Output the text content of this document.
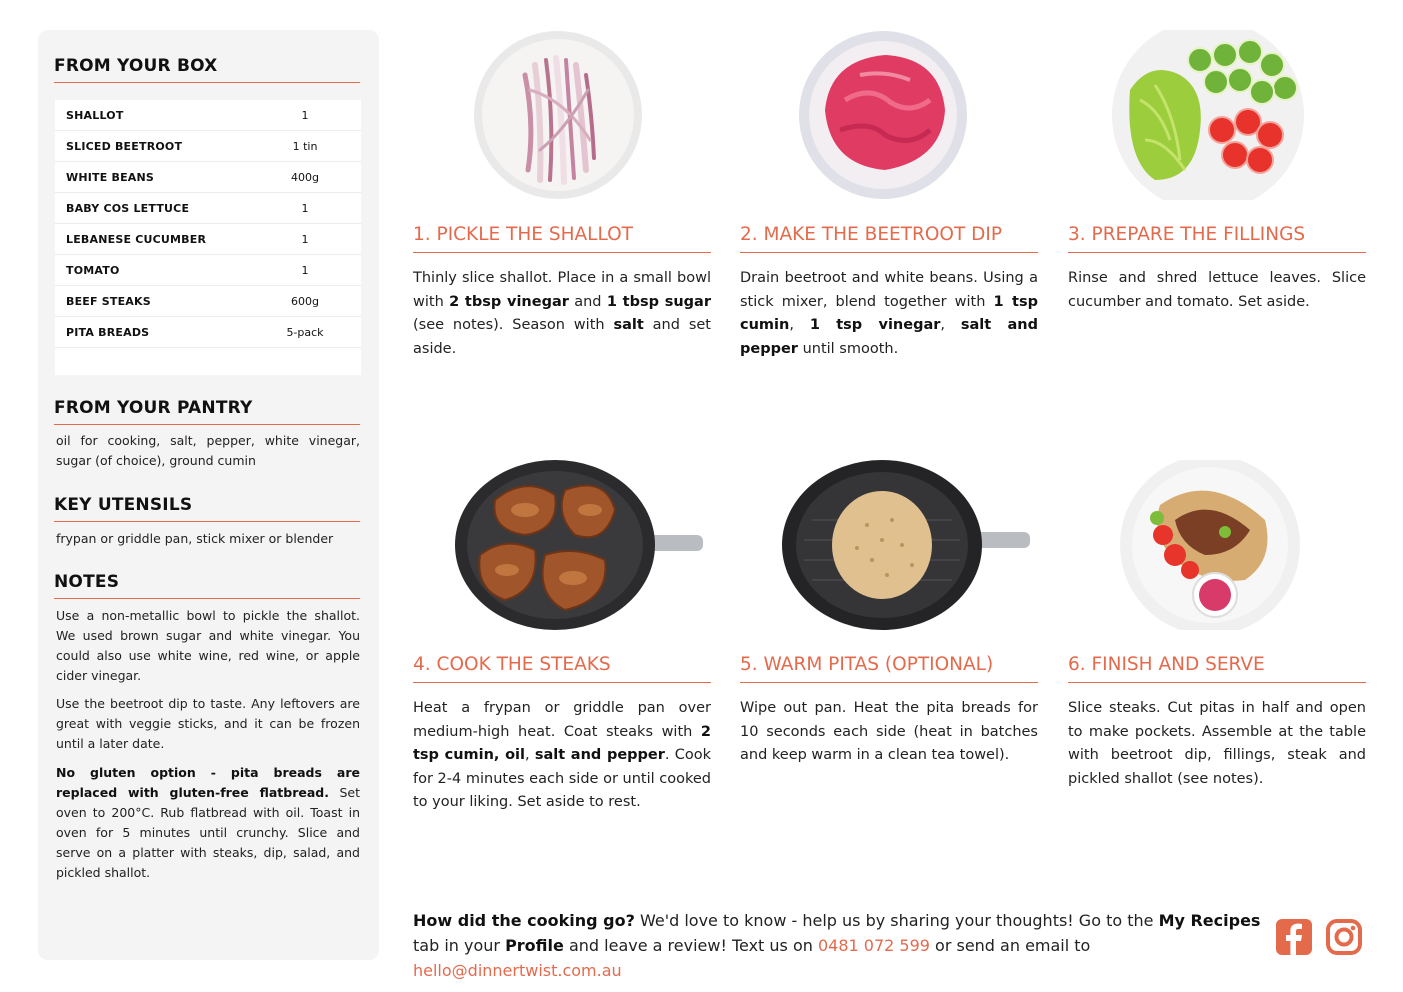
FROM YOUR BOX
SHALLOT	1
SLICED BEETROOT	1 tin
WHITE BEANS	400g
BABY COS LETTUCE	1
LEBANESE CUCUMBER	1
TOMATO	1
BEEF STEAKS	600g
PITA BREADS	5-pack
FROM YOUR PANTRY
oil for cooking, salt, pepper, white vinegar, sugar (of choice), ground cumin
KEY UTENSILS
frypan or griddle pan, stick mixer or blender
NOTES
Use a non-metallic bowl to pickle the shallot. We used brown sugar and white vinegar. You could also use white wine, red wine, or apple cider vinegar.
Use the beetroot dip to taste. Any leftovers are great with veggie sticks, and it can be frozen until a later date.
No gluten option - pita breads are replaced with gluten-free flatbread. Set oven to 200°C. Rub flatbread with oil. Toast in oven for 5 minutes until crunchy. Slice and serve on a platter with steaks, dip, salad, and pickled shallot.
1. PICKLE THE SHALLOT
Thinly slice shallot. Place in a small bowl with 2 tbsp vinegar and 1 tbsp sugar (see notes). Season with salt and set aside.
2. MAKE THE BEETROOT DIP
Drain beetroot and white beans. Using a stick mixer, blend together with 1 tsp cumin, 1 tsp vinegar, salt and pepper until smooth.
3. PREPARE THE FILLINGS
Rinse and shred lettuce leaves. Slice cucumber and tomato. Set aside.
4. COOK THE STEAKS
Heat a frypan or griddle pan over medium-high heat. Coat steaks with 2 tsp cumin, oil, salt and pepper. Cook for 2-4 minutes each side or until cooked to your liking. Set aside to rest.
5. WARM PITAS (OPTIONAL)
Wipe out pan. Heat the pita breads for 10 seconds each side (heat in batches and keep warm in a clean tea towel).
6. FINISH AND SERVE
Slice steaks. Cut pitas in half and open to make pockets. Assemble at the table with beetroot dip, fillings, steak and pickled shallot (see notes).
How did the cooking go? We'd love to know - help us by sharing your thoughts! Go to the My Recipes tab in your Profile and leave a review! Text us on 0481 072 599 or send an email to hello@dinnertwist.com.au
